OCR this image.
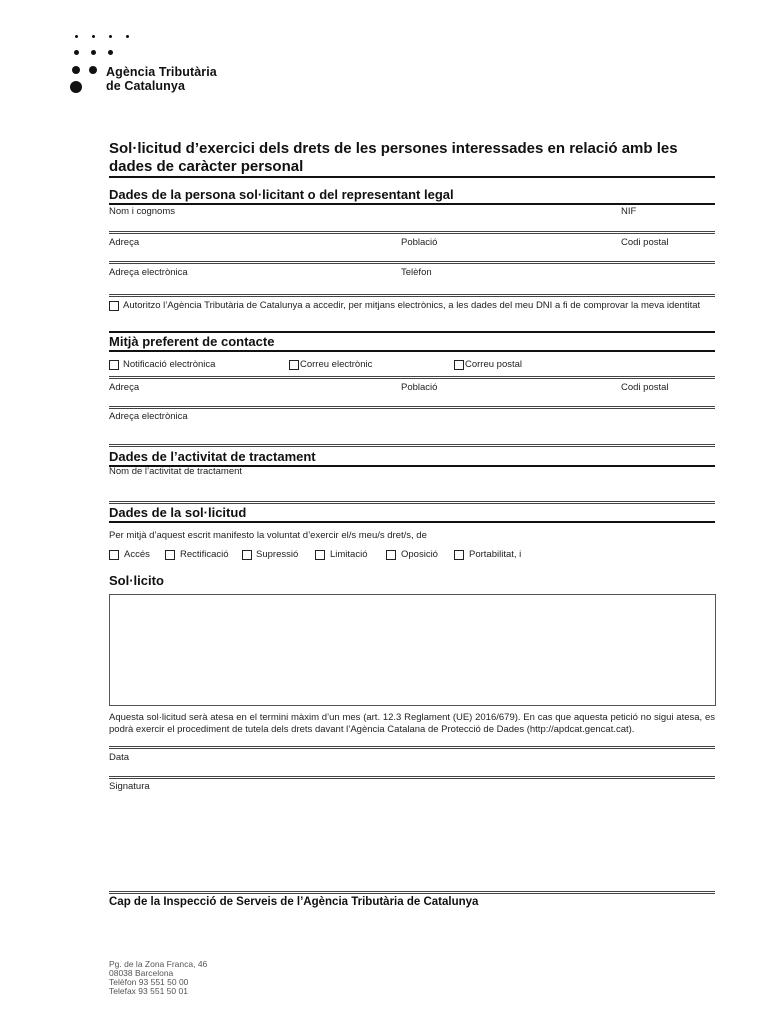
Agència Tributària
de Catalunya
Sol·licitud d’exercici dels drets de les persones interessades en relació amb les dades de caràcter personal
Dades de la persona sol·licitant o del representant legal
Nom i cognoms	NIF
Adreça	Població	Codi postal
Adreça electrònica	Telèfon
Autoritzo l’Agència Tributària de Catalunya a accedir, per mitjans electrònics, a les dades del meu DNI a fi de comprovar la meva identitat
Mitjà preferent de contacte
Notificació electrònica	Correu electrònic	Correu postal
Adreça	Població	Codi postal
Adreça electrònica
Dades de l’activitat de tractament
Nom de l’activitat de tractament
Dades de la sol·licitud
Per mitjà d’aquest escrit manifesto la voluntat d’exercir el/s meu/s dret/s, de
Accés	Rectificació	Supressió	Limitació	Oposició	Portabilitat, i
Sol·licito
Aquesta sol·licitud serà atesa en el termini màxim d’un mes (art. 12.3 Reglament (UE) 2016/679). En cas que aquesta petició no sigui atesa, es podrà exercir el procediment de tutela dels drets davant l’Agència Catalana de Protecció de Dades (http://apdcat.gencat.cat).
Data
Signatura
Cap de la Inspecció de Serveis de l’Agència Tributària de Catalunya
Pg. de la Zona Franca, 46
08038 Barcelona
Telèfon 93 551 50 00
Telefax 93 551 50 01
